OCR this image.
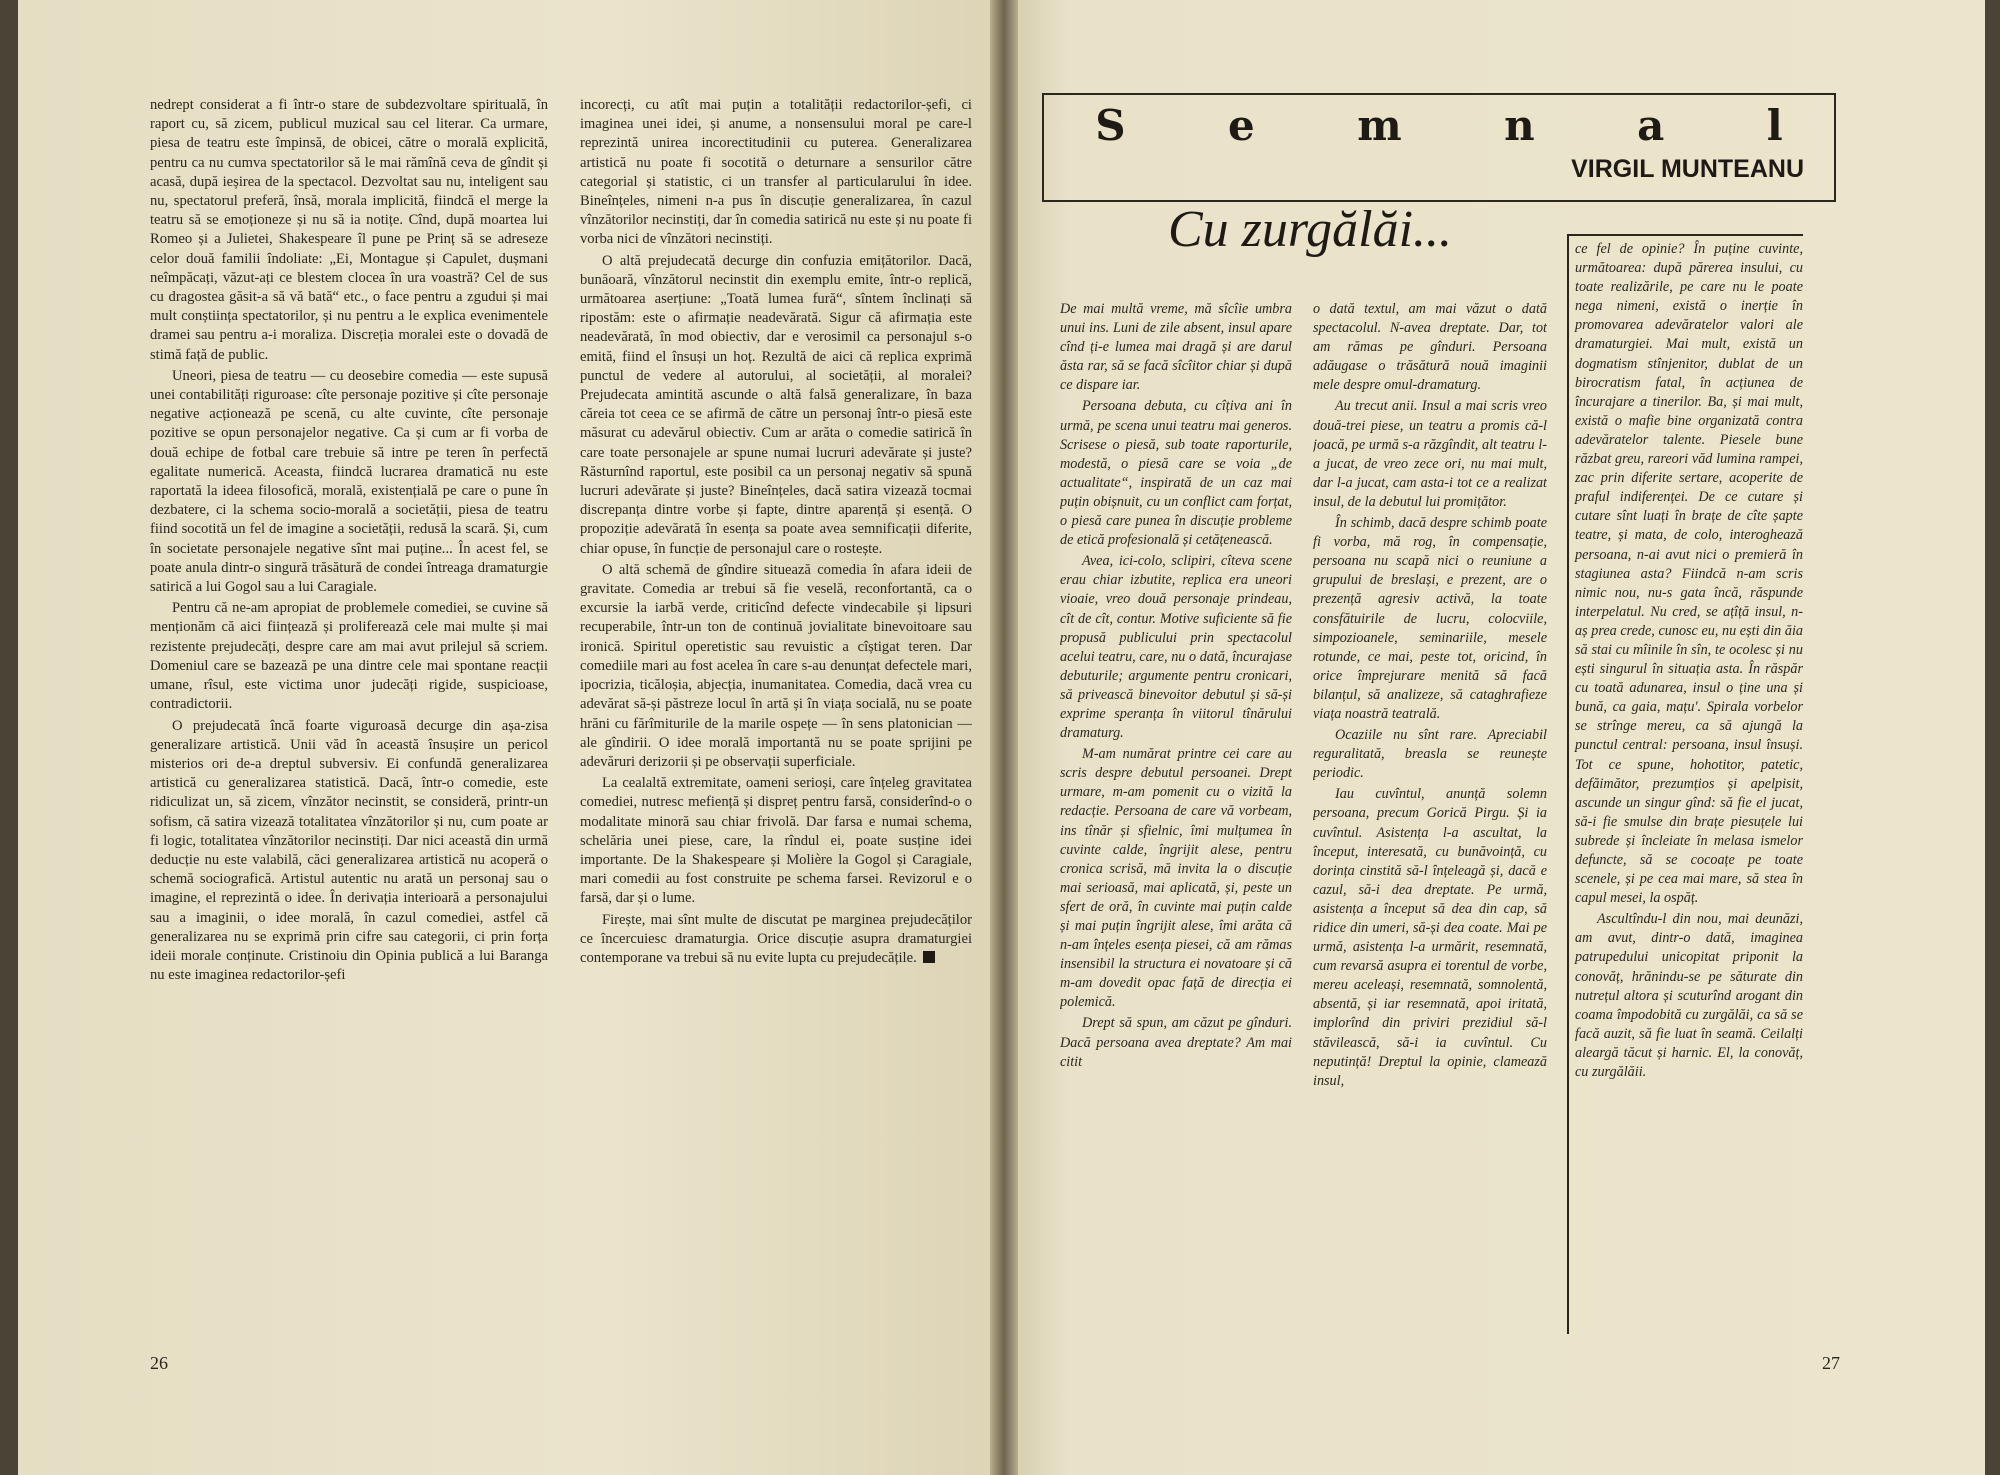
nedrept considerat a fi într-o stare de subdezvoltare spirituală, în raport cu, să zicem, publicul muzical sau cel literar. Ca urmare, piesa de teatru este împinsă, de obicei, către o morală explicită, pentru ca nu cumva spectatorilor să le mai rămînă ceva de gîndit și acasă, după ieșirea de la spectacol. Dezvoltat sau nu, inteligent sau nu, spectatorul preferă, însă, morala implicită, fiindcă el merge la teatru să se emoționeze și nu să ia notițe. Cînd, după moartea lui Romeo și a Julietei, Shakespeare îl pune pe Prinț să se adreseze celor două familii îndoliate: „Ei, Montague și Capulet, dușmani neîmpăcați, văzut-ați ce blestem clocea în ura voastră? Cel de sus cu dragostea găsit-a să vă bată“ etc., o face pentru a zgudui și mai mult conștiința spectatorilor, și nu pentru a le explica evenimentele dramei sau pentru a-i moraliza. Discreția moralei este o dovadă de stimă față de public.

Uneori, piesa de teatru — cu deosebire comedia — este supusă unei contabilități riguroase: cîte personaje pozitive și cîte personaje negative acționează pe scenă, cu alte cuvinte, cîte personaje pozitive se opun personajelor negative. Ca și cum ar fi vorba de două echipe de fotbal care trebuie să intre pe teren în perfectă egalitate numerică. Aceasta, fiindcă lucrarea dramatică nu este raportată la ideea filosofică, morală, existențială pe care o pune în dezbatere, ci la schema socio-morală a societății, piesa de teatru fiind socotită un fel de imagine a societății, redusă la scară. Și, cum în societate personajele negative sînt mai puține... În acest fel, se poate anula dintr-o singură trăsătură de condei întreaga dramaturgie satirică a lui Gogol sau a lui Caragiale.

Pentru că ne-am apropiat de problemele comediei, se cuvine să menționăm că aici ființează și proliferează cele mai multe și mai rezistente prejudecăți, despre care am mai avut prilejul să scriem. Domeniul care se bazează pe una dintre cele mai spontane reacții umane, rîsul, este victima unor judecăți rigide, suspicioase, contradictorii.

O prejudecată încă foarte viguroasă decurge din așa-zisa generalizare artistică. Unii văd în această însușire un pericol misterios ori de-a dreptul subversiv. Ei confundă generalizarea artistică cu generalizarea statistică. Dacă, într-o comedie, este ridiculizat un, să zicem, vînzător necinstit, se consideră, printr-un sofism, că satira vizează totalitatea vînzătorilor și nu, cum poate ar fi logic, totalitatea vînzătorilor necinstiți. Dar nici această din urmă deducție nu este valabilă, căci generalizarea artistică nu acoperă o schemă sociografică. Artistul autentic nu arată un personaj sau o imagine, el reprezintă o idee. În derivația interioară a personajului sau a imaginii, o idee morală, în cazul comediei, astfel că generalizarea nu se exprimă prin cifre sau categorii, ci prin forța ideii morale conținute. Cristinoiu din Opinia publică a lui Baranga nu este imaginea redactorilor-șefi

incorecți, cu atît mai puțin a totalității redactorilor-șefi, ci imaginea unei idei, și anume, a nonsensului moral pe care-l reprezintă unirea incorectitudinii cu puterea. Generalizarea artistică nu poate fi socotită o deturnare a sensurilor către categorial și statistic, ci un transfer al particularului în idee. Bineînțeles, nimeni n-a pus în discuție generalizarea, în cazul vînzătorilor necinstiți, dar în comedia satirică nu este și nu poate fi vorba nici de vînzători necinstiți.

O altă prejudecată decurge din confuzia emițătorilor. Dacă, bunăoară, vînzătorul necinstit din exemplu emite, într-o replică, următoarea aserțiune: „Toată lumea fură“, sîntem înclinați să ripostăm: este o afirmație neadevărată. Sigur că afirmația este neadevărată, în mod obiectiv, dar e verosimil ca personajul s-o emită, fiind el însuși un hoț. Rezultă de aici că replica exprimă punctul de vedere al autorului, al societății, al moralei? Prejudecata amintită ascunde o altă falsă generalizare, în baza căreia tot ceea ce se afirmă de către un personaj într-o piesă este măsurat cu adevărul obiectiv. Cum ar arăta o comedie satirică în care toate personajele ar spune numai lucruri adevărate și juste? Răsturnînd raportul, este posibil ca un personaj negativ să spună lucruri adevărate și juste? Bineînțeles, dacă satira vizează tocmai discrepanța dintre vorbe și fapte, dintre aparență și esență. O propoziție adevărată în esența sa poate avea semnificații diferite, chiar opuse, în funcție de personajul care o rostește.

O altă schemă de gîndire situează comedia în afara ideii de gravitate. Comedia ar trebui să fie veselă, reconfortantă, ca o excursie la iarbă verde, criticînd defecte vindecabile și lipsuri recuperabile, într-un ton de continuă jovialitate binevoitoare sau ironică. Spiritul operetistic sau revuistic a cîștigat teren. Dar comediile mari au fost acelea în care s-au denunțat defectele mari, ipocrizia, ticăloșia, abjecția, inumanitatea. Comedia, dacă vrea cu adevărat să-și păstreze locul în artă și în viața socială, nu se poate hrăni cu fărîmiturile de la marile ospețe — în sens platonician — ale gîndirii. O idee morală importantă nu se poate sprijini pe adevăruri derizorii și pe observații superficiale.

La cealaltă extremitate, oameni serioși, care înțeleg gravitatea comediei, nutresc mefiență și dispreț pentru farsă, considerînd-o o modalitate minoră sau chiar frivolă. Dar farsa e numai schema, schelăria unei piese, care, la rîndul ei, poate susține idei importante. De la Shakespeare și Molière la Gogol și Caragiale, mari comedii au fost construite pe schema farsei. Revizorul e o farsă, dar și o lume.

Firește, mai sînt multe de discutat pe marginea prejudecăților ce încercuiesc dramaturgia. Orice discuție asupra dramaturgiei contemporane va trebui să nu evite lupta cu prejudecățile.

26
S e m n a l
VIRGIL MUNTEANU
Cu zurgălăi...

De mai multă vreme, mă sîcîie umbra unui ins. Luni de zile absent, insul apare cînd ți-e lumea mai dragă și are darul ăsta rar, să se facă sîcîitor chiar și după ce dispare iar.

Persoana debuta, cu cîțiva ani în urmă, pe scena unui teatru mai generos. Scrisese o piesă, sub toate raporturile, modestă, o piesă care se voia „de actualitate“, inspirată de un caz mai puțin obișnuit, cu un conflict cam forțat, o piesă care punea în discuție probleme de etică profesională și cetățenească.

Avea, ici-colo, sclipiri, cîteva scene erau chiar izbutite, replica era uneori vioaie, vreo două personaje prindeau, cît de cît, contur. Motive suficiente să fie propusă publicului prin spectacolul acelui teatru, care, nu o dată, încurajase debuturile; argumente pentru cronicari, să privească binevoitor debutul și să-și exprime speranța în viitorul tînărului dramaturg.

M-am numărat printre cei care au scris despre debutul persoanei. Drept urmare, m-am pomenit cu o vizită la redacție. Persoana de care vă vorbeam, ins tînăr și sfielnic, îmi mulțumea în cuvinte calde, îngrijit alese, pentru cronica scrisă, mă invita la o discuție mai serioasă, mai aplicată, și, peste un sfert de oră, în cuvinte mai puțin calde și mai puțin îngrijit alese, îmi arăta că n-am înțeles esența piesei, că am rămas insensibil la structura ei novatoare și că m-am dovedit opac față de direcția ei polemică.

Drept să spun, am căzut pe gînduri. Dacă persoana avea dreptate? Am mai citit

o dată textul, am mai văzut o dată spectacolul. N-avea dreptate. Dar, tot am rămas pe gînduri. Persoana adăugase o trăsătură nouă imaginii mele despre omul-dramaturg.

Au trecut anii. Insul a mai scris vreo două-trei piese, un teatru a promis că-l joacă, pe urmă s-a răzgîndit, alt teatru l-a jucat, de vreo zece ori, nu mai mult, dar l-a jucat, cam asta-i tot ce a realizat insul, de la debutul lui promițător.

În schimb, dacă despre schimb poate fi vorba, mă rog, în compensație, persoana nu scapă nici o reuniune a grupului de breslași, e prezent, are o prezență agresiv activă, la toate consfătuirile de lucru, colocviile, simpozioanele, seminariile, mesele rotunde, ce mai, peste tot, oricind, în orice împrejurare menită să facă bilanțul, să analizeze, să cataghrafieze viața noastră teatrală.

Ocaziile nu sînt rare. Apreciabil reguralitată, breasla se reunește periodic.

Iau cuvîntul, anunță solemn persoana, precum Gorică Pirgu. Și ia cuvîntul. Asistența l-a ascultat, la început, interesată, cu bunăvoință, cu dorința cinstită să-l înțeleagă și, dacă e cazul, să-i dea dreptate. Pe urmă, asistența a început să dea din cap, să ridice din umeri, să-și dea coate. Mai pe urmă, asistența l-a urmărit, resemnată, cum revarsă asupra ei torentul de vorbe, mereu aceleași, resemnată, somnolentă, absentă, și iar resemnată, apoi iritată, implorînd din priviri prezidiul să-l stăvilească, să-i ia cuvîntul. Cu neputință! Dreptul la opinie, clamează insul,

ce fel de opinie? În puține cuvinte, următoarea: după părerea insului, cu toate realizările, pe care nu le poate nega nimeni, există o inerție în promovarea adevăratelor valori ale dramaturgiei. Mai mult, există un dogmatism stînjenitor, dublat de un birocratism fatal, în acțiunea de încurajare a tinerilor. Ba, și mai mult, există o mafie bine organizată contra adevăratelor talente. Piesele bune răzbat greu, rareori văd lumina rampei, zac prin diferite sertare, acoperite de praful indiferenței. De ce cutare și cutare sînt luați în brațe de cîte șapte teatre, și mata, de colo, interoghează persoana, n-ai avut nici o premieră în stagiunea asta? Fiindcă n-am scris nimic nou, nu-s gata încă, răspunde interpelatul. Nu cred, se ațîță insul, n-aș prea crede, cunosc eu, nu ești din ăia să stai cu mîinile în sîn, te ocolesc și nu ești singurul în situația asta. În răspăr cu toată adunarea, insul o ține una și bună, ca gaia, mațu'. Spirala vorbelor se strînge mereu, ca să ajungă la punctul central: persoana, insul însuși. Tot ce spune, hohotitor, patetic, defăimător, prezumțios și apelpisit, ascunde un singur gînd: să fie el jucat, să-i fie smulse din brațe piesuțele lui subrede și încleiate în melasa ismelor defuncte, să se cocoațe pe toate scenele, și pe cea mai mare, să stea în capul mesei, la ospăț.

Ascultîndu-l din nou, mai deunăzi, am avut, dintr-o dată, imaginea patrupedului unicopitat priponit la conovăț, hrănindu-se pe săturate din nutrețul altora și scuturînd arogant din coama împodobită cu zurgălăi, ca să se facă auzit, să fie luat în seamă. Ceilalți aleargă tăcut și harnic. El, la conovăț, cu zurgălăii.

27
